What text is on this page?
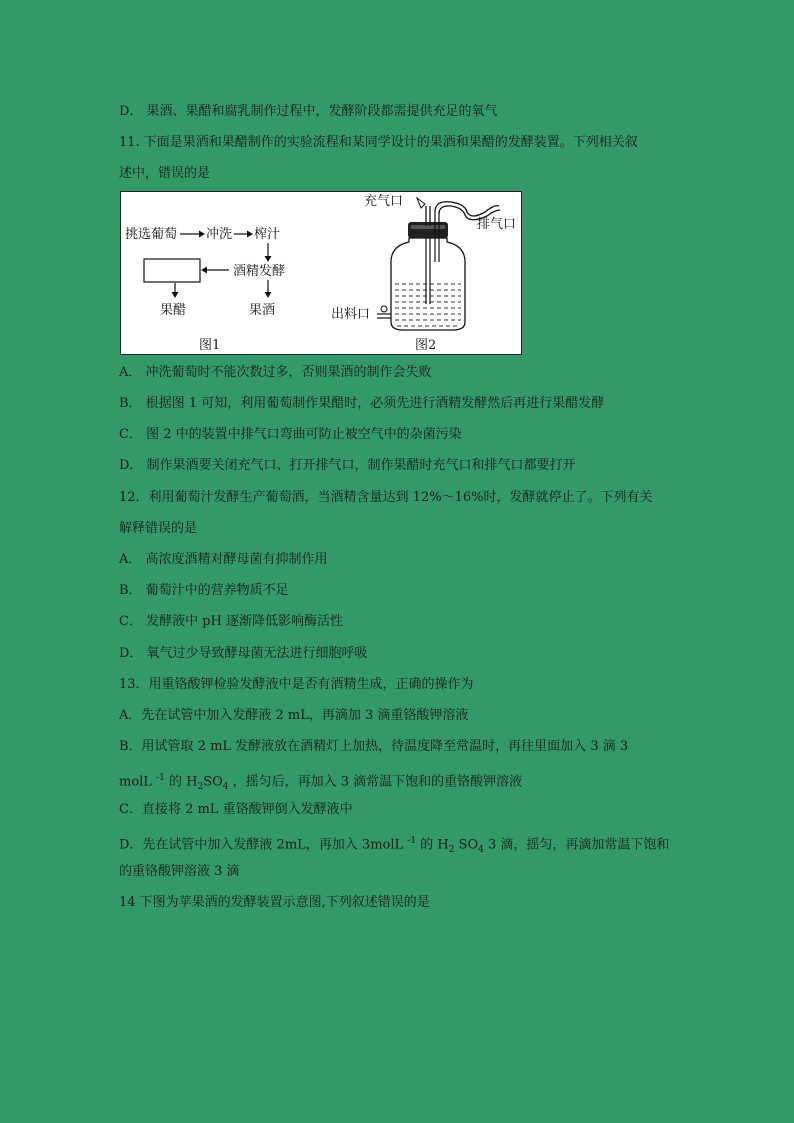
D． 果酒、果醋和腐乳制作过程中，发酵阶段都需提供充足的氧气

11. 下面是果酒和果醋制作的实验流程和某同学设计的果酒和果醋的发酵装置。下列相关叙

述中，错误的是

挑选葡萄 冲洗 榨汁
酒精发酵
果醋	果酒
图1
充气口
排气口
出料口
图2

A． 冲洗葡萄时不能次数过多，否则果酒的制作会失败

B． 根据图 1 可知，利用葡萄制作果醋时，必须先进行酒精发酵然后再进行果醋发酵

C． 图 2 中的装置中排气口弯曲可防止被空气中的杂菌污染

D． 制作果酒要关闭充气口、打开排气口，制作果醋时充气口和排气口都要打开

12．利用葡萄汁发酵生产葡萄酒，当酒精含量达到 12%～16%时，发酵就停止了。下列有关

解释错误的是

A． 高浓度酒精对酵母菌有抑制作用

B． 葡萄汁中的营养物质不足

C． 发酵液中 pH 逐渐降低影响酶活性

D． 氧气过少导致酵母菌无法进行细胞呼吸

13．用重铬酸钾检验发酵液中是否有酒精生成，正确的操作为

A．先在试管中加入发酵液 2 mL，再滴加 3 滴重铬酸钾溶液

B．用试管取 2 mL 发酵液放在酒精灯上加热，待温度降至常温时，再往里面加入 3 滴 3

molL $^{-1}$ 的 $H_2SO_4$ ，摇匀后，再加入 3 滴常温下饱和的重铬酸钾溶液

C．直接将 2 mL 重铬酸钾倒入发酵液中

D．先在试管中加入发酵液 2mL，再加入 3molL $^{-1}$ 的 $H_2$ $SO_4$ 3 滴，摇匀，再滴加常温下饱和

的重铬酸钾溶液 3 滴

14 下图为苹果酒的发酵装置示意图,下列叙述错误的是
